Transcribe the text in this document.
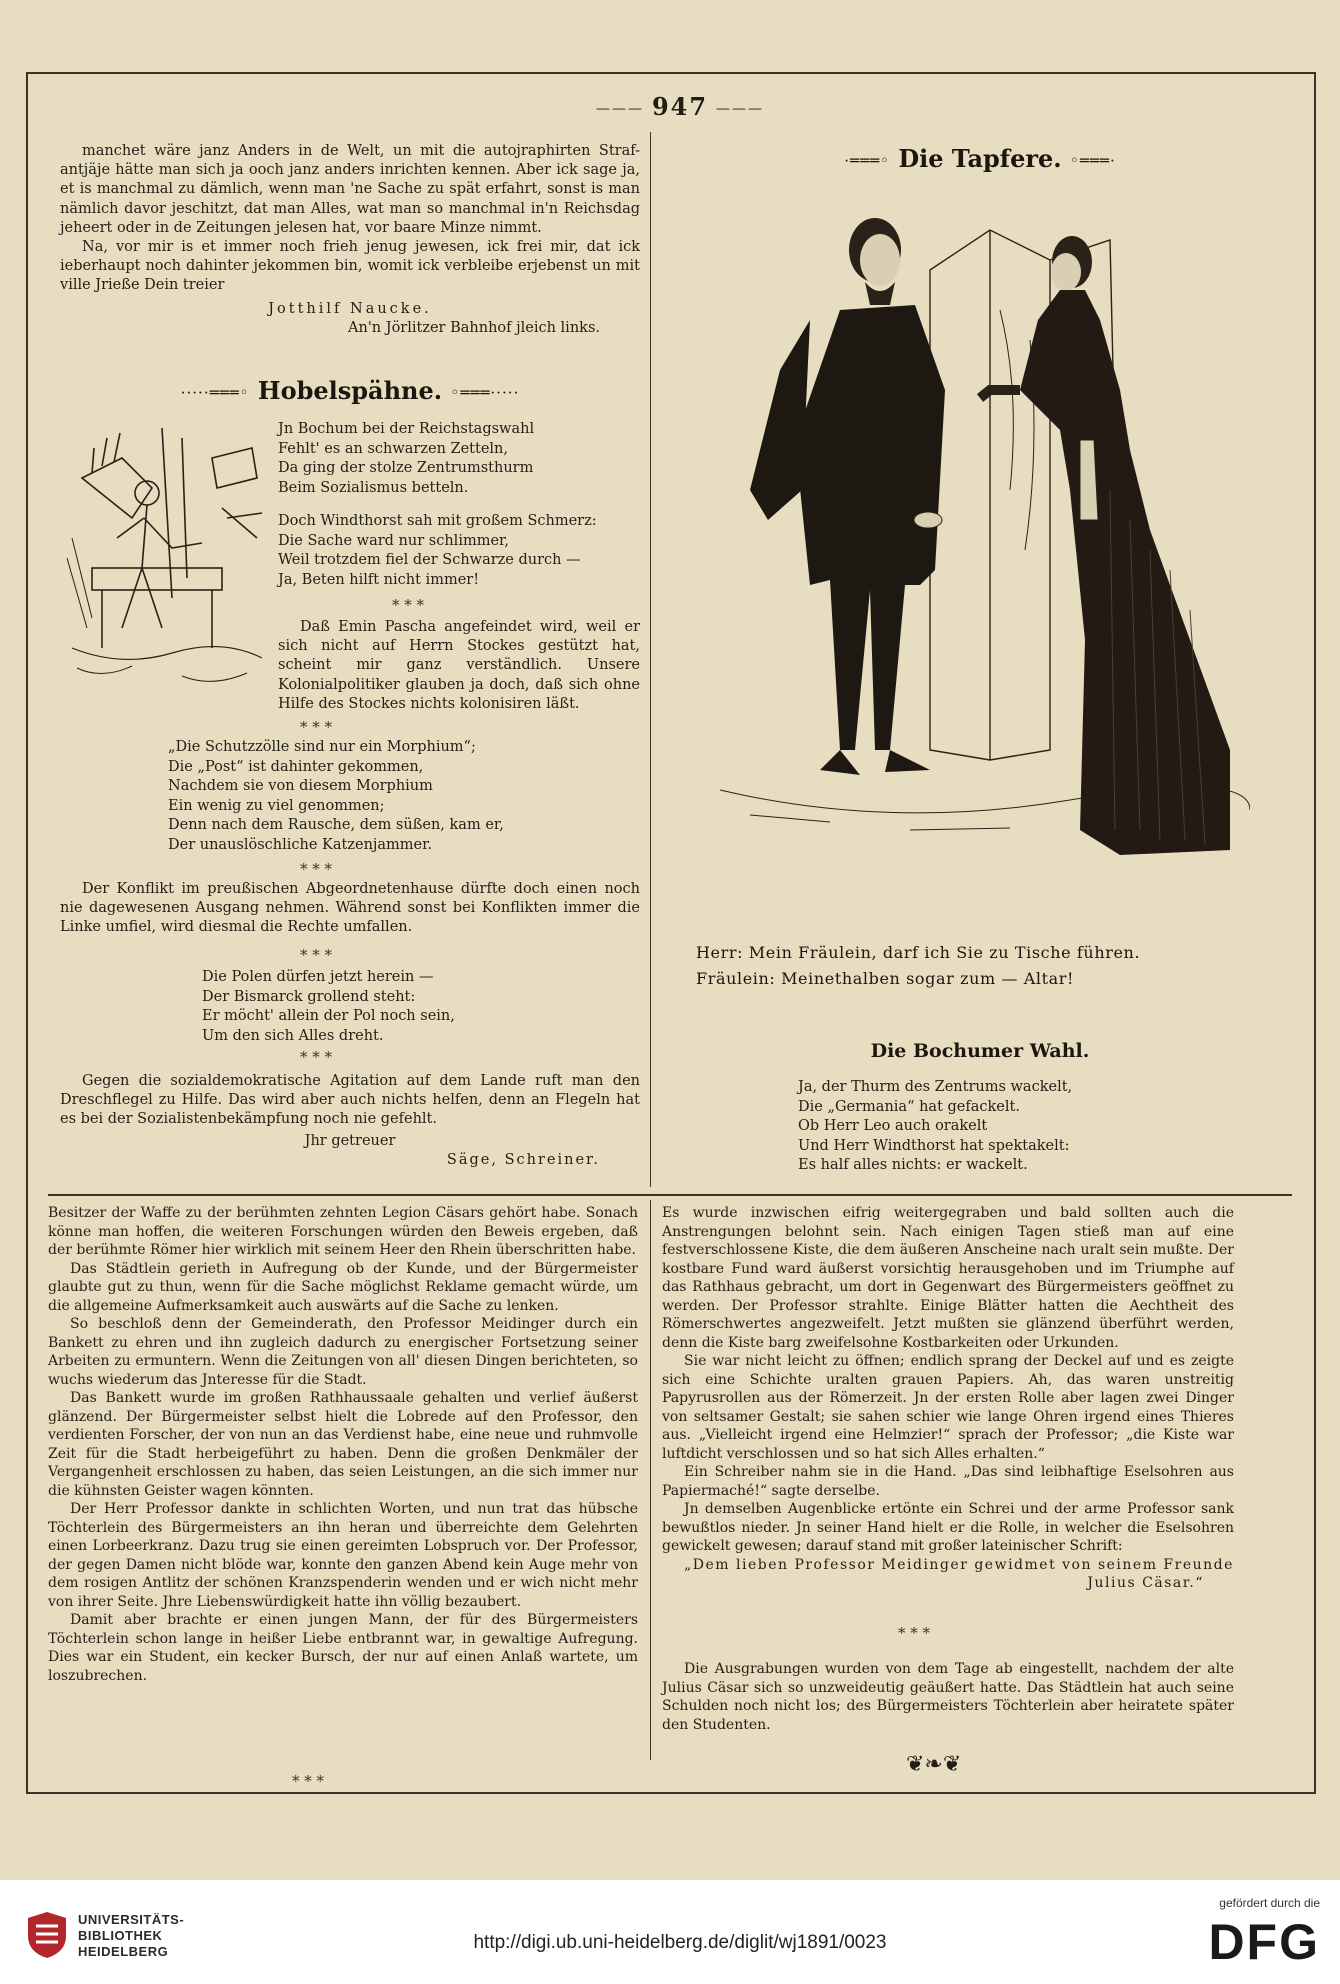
——— 947 ———

manchet wäre janz Anders in de Welt, un mit die autojraphirten Straf-antjäje hätte man sich ja ooch janz anders inrichten kennen. Aber ick sage ja, et is manchmal zu dämlich, wenn man 'ne Sache zu spät erfahrt, sonst is man nämlich davor jeschitzt, dat man Alles, wat man so manchmal in'n Reichsdag jeheert oder in de Zeitungen jelesen hat, vor baare Minze nimmt.

Na, vor mir is et immer noch frieh jenug jewesen, ick frei mir, dat ick ieberhaupt noch dahinter jekommen bin, womit ick verbleibe erjebenst un mit ville Jrieße Dein treier

Jotthilf Naucke.

An'n Jörlitzer Bahnhof jleich links.

·····═══◦ Hobelspähne. ◦═══·····
Jn Bochum bei der Reichstagswahl
Fehlt' es an schwarzen Zetteln,
Da ging der stolze Zentrumsthurm
Beim Sozialismus betteln.
Doch Windthorst sah mit großem Schmerz:
Die Sache ward nur schlimmer,
Weil trotzdem fiel der Schwarze durch —
Ja, Beten hilft nicht immer!
* * *

Daß Emin Pascha angefeindet wird, weil er sich nicht auf Herrn Stockes gestützt hat, scheint mir ganz verständlich. Unsere Kolonialpolitiker glauben ja doch, daß sich ohne Hilfe des Stockes nichts kolonisiren läßt.

* * *
„Die Schutzzölle sind nur ein Morphium“;
Die „Post“ ist dahinter gekommen,
Nachdem sie von diesem Morphium
Ein wenig zu viel genommen;
Denn nach dem Rausche, dem süßen, kam er,
Der unauslöschliche Katzenjammer.
* * *

Der Konflikt im preußischen Abgeordnetenhause dürfte doch einen noch nie dagewesenen Ausgang nehmen. Während sonst bei Konflikten immer die Linke umfiel, wird diesmal die Rechte umfallen.

* * *
Die Polen dürfen jetzt herein —
Der Bismarck grollend steht:
Er möcht' allein der Pol noch sein,
Um den sich Alles dreht.
* * *

Gegen die sozialdemokratische Agitation auf dem Lande ruft man den Dreschflegel zu Hilfe. Das wird aber auch nichts helfen, denn an Flegeln hat es bei der Sozialistenbekämpfung noch nie gefehlt.

Jhr getreuer

Säge, Schreiner.

·═══◦ Die Tapfere. ◦═══·
Herr: Mein Fräulein, darf ich Sie zu Tische führen.
Fräulein: Meinethalben sogar zum — Altar!
Die Bochumer Wahl.
Ja, der Thurm des Zentrums wackelt,
Die „Germania“ hat gefackelt.
Ob Herr Leo auch orakelt
Und Herr Windthorst hat spektakelt:
Es half alles nichts: er wackelt.

Besitzer der Waffe zu der berühmten zehnten Legion Cäsars gehört habe. Sonach könne man hoffen, die weiteren Forschungen würden den Beweis ergeben, daß der berühmte Römer hier wirklich mit seinem Heer den Rhein überschritten habe.

Das Städtlein gerieth in Aufregung ob der Kunde, und der Bürgermeister glaubte gut zu thun, wenn für die Sache möglichst Reklame gemacht würde, um die allgemeine Aufmerksamkeit auch auswärts auf die Sache zu lenken.

So beschloß denn der Gemeinderath, den Professor Meidinger durch ein Bankett zu ehren und ihn zugleich dadurch zu energischer Fortsetzung seiner Arbeiten zu ermuntern. Wenn die Zeitungen von all' diesen Dingen berichteten, so wuchs wiederum das Jnteresse für die Stadt.

Das Bankett wurde im großen Rathhaussaale gehalten und verlief äußerst glänzend. Der Bürgermeister selbst hielt die Lobrede auf den Professor, den verdienten Forscher, der von nun an das Verdienst habe, eine neue und ruhmvolle Zeit für die Stadt herbeigeführt zu haben. Denn die großen Denkmäler der Vergangenheit erschlossen zu haben, das seien Leistungen, an die sich immer nur die kühnsten Geister wagen könnten.

Der Herr Professor dankte in schlichten Worten, und nun trat das hübsche Töchterlein des Bürgermeisters an ihn heran und überreichte dem Gelehrten einen Lorbeerkranz. Dazu trug sie einen gereimten Lobspruch vor. Der Professor, der gegen Damen nicht blöde war, konnte den ganzen Abend kein Auge mehr von dem rosigen Antlitz der schönen Kranzspenderin wenden und er wich nicht mehr von ihrer Seite. Jhre Liebenswürdigkeit hatte ihn völlig bezaubert.

Damit aber brachte er einen jungen Mann, der für des Bürgermeisters Töchterlein schon lange in heißer Liebe entbrannt war, in gewaltige Aufregung. Dies war ein Student, ein kecker Bursch, der nur auf einen Anlaß wartete, um loszubrechen.

* * *

Es wurde inzwischen eifrig weitergegraben und bald sollten auch die Anstrengungen belohnt sein. Nach einigen Tagen stieß man auf eine festverschlossene Kiste, die dem äußeren Anscheine nach uralt sein mußte. Der kostbare Fund ward äußerst vorsichtig herausgehoben und im Triumphe auf das Rathhaus gebracht, um dort in Gegenwart des Bürgermeisters geöffnet zu werden. Der Professor strahlte. Einige Blätter hatten die Aechtheit des Römerschwertes angezweifelt. Jetzt mußten sie glänzend überführt werden, denn die Kiste barg zweifelsohne Kostbarkeiten oder Urkunden.

Sie war nicht leicht zu öffnen; endlich sprang der Deckel auf und es zeigte sich eine Schichte uralten grauen Papiers. Ah, das waren unstreitig Papyrusrollen aus der Römerzeit. Jn der ersten Rolle aber lagen zwei Dinger von seltsamer Gestalt; sie sahen schier wie lange Ohren irgend eines Thieres aus. „Vielleicht irgend eine Helmzier!“ sprach der Professor; „die Kiste war luftdicht verschlossen und so hat sich Alles erhalten.“

Ein Schreiber nahm sie in die Hand. „Das sind leibhaftige Eselsohren aus Papiermaché!“ sagte derselbe.

Jn demselben Augenblicke ertönte ein Schrei und der arme Professor sank bewußtlos nieder. Jn seiner Hand hielt er die Rolle, in welcher die Eselsohren gewickelt gewesen; darauf stand mit großer lateinischer Schrift:

„Dem lieben Professor Meidinger gewidmet von seinem Freunde

Julius Cäsar.“

* * *

Die Ausgrabungen wurden von dem Tage ab eingestellt, nachdem der alte Julius Cäsar sich so unzweideutig geäußert hatte. Das Städtlein hat auch seine Schulden noch nicht los; des Bürgermeisters Töchterlein aber heiratete später den Studenten.

❦❧❦
UNIVERSITÄTS-
BIBLIOTHEK
HEIDELBERG	http://digi.ub.uni-heidelberg.de/diglit/wj1891/0023
gefördert durch die
DFG
